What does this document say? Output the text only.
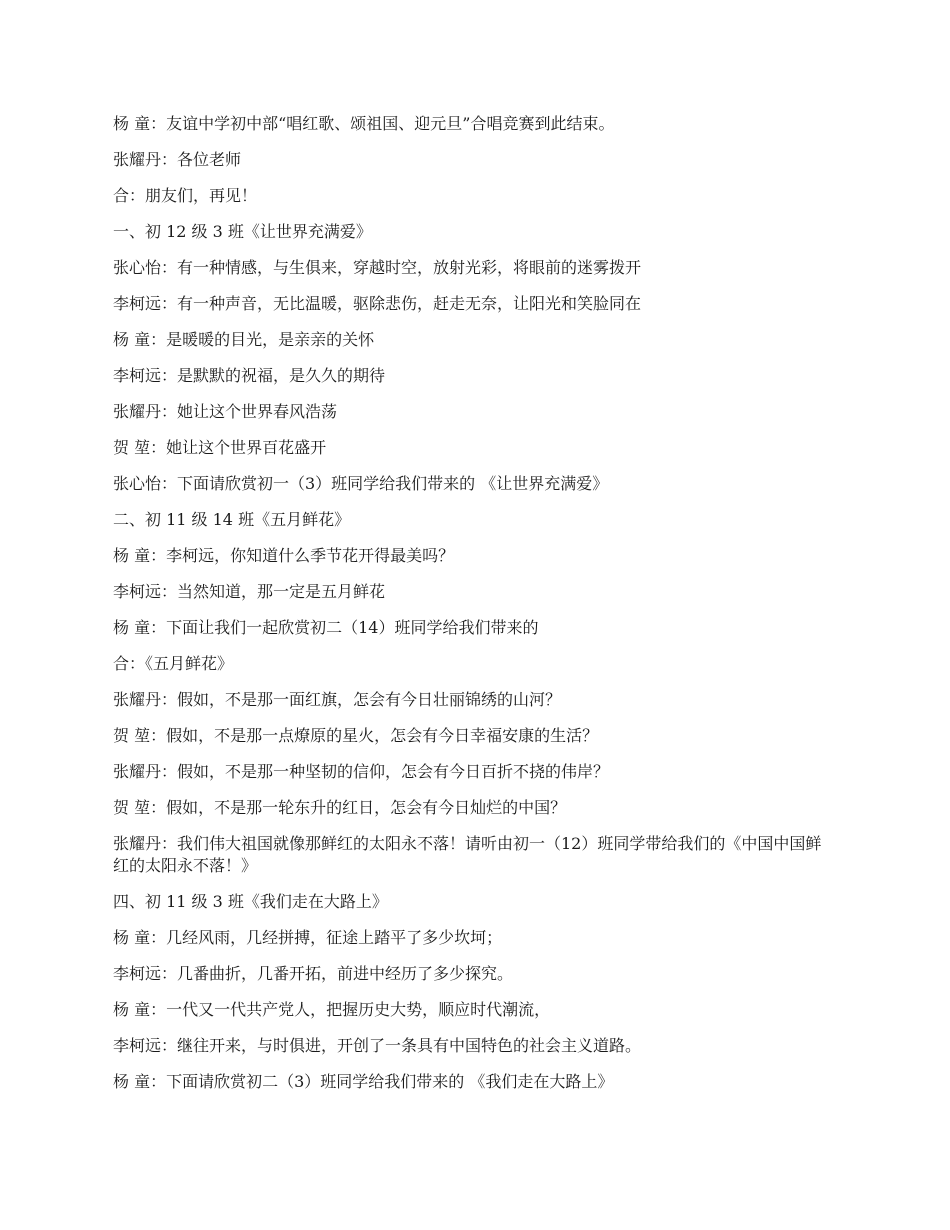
杨 童：友谊中学初中部“唱红歌、颂祖国、迎元旦”合唱竞赛到此结束。

张耀丹：各位老师

合：朋友们，再见！

一、初 12 级 3 班《让世界充满爱》

张心怡：有一种情感，与生俱来，穿越时空，放射光彩，将眼前的迷雾拨开

李柯远：有一种声音，无比温暖，驱除悲伤，赶走无奈，让阳光和笑脸同在

杨 童：是暖暖的目光，是亲亲的关怀

李柯远：是默默的祝福，是久久的期待

张耀丹：她让这个世界春风浩荡

贺 堃：她让这个世界百花盛开

张心怡：下面请欣赏初一（3）班同学给我们带来的 《让世界充满爱》

二、初 11 级 14 班《五月鲜花》

杨 童：李柯远，你知道什么季节花开得最美吗？

李柯远：当然知道，那一定是五月鲜花

杨 童：下面让我们一起欣赏初二（14）班同学给我们带来的

合：《五月鲜花》

张耀丹：假如，不是那一面红旗，怎会有今日壮丽锦绣的山河？

贺 堃：假如，不是那一点燎原的星火，怎会有今日幸福安康的生活？

张耀丹：假如，不是那一种坚韧的信仰，怎会有今日百折不挠的伟岸？

贺 堃：假如，不是那一轮东升的红日，怎会有今日灿烂的中国？

张耀丹：我们伟大祖国就像那鲜红的太阳永不落！请听由初一（12）班同学带给我们的《中国中国鲜红的太阳永不落！》

四、初 11 级 3 班《我们走在大路上》

杨 童：几经风雨，几经拼搏，征途上踏平了多少坎坷；

李柯远：几番曲折，几番开拓，前进中经历了多少探究。

杨 童：一代又一代共产党人，把握历史大势，顺应时代潮流，

李柯远：继往开来，与时俱进，开创了一条具有中国特色的社会主义道路。

杨 童：下面请欣赏初二（3）班同学给我们带来的 《我们走在大路上》
